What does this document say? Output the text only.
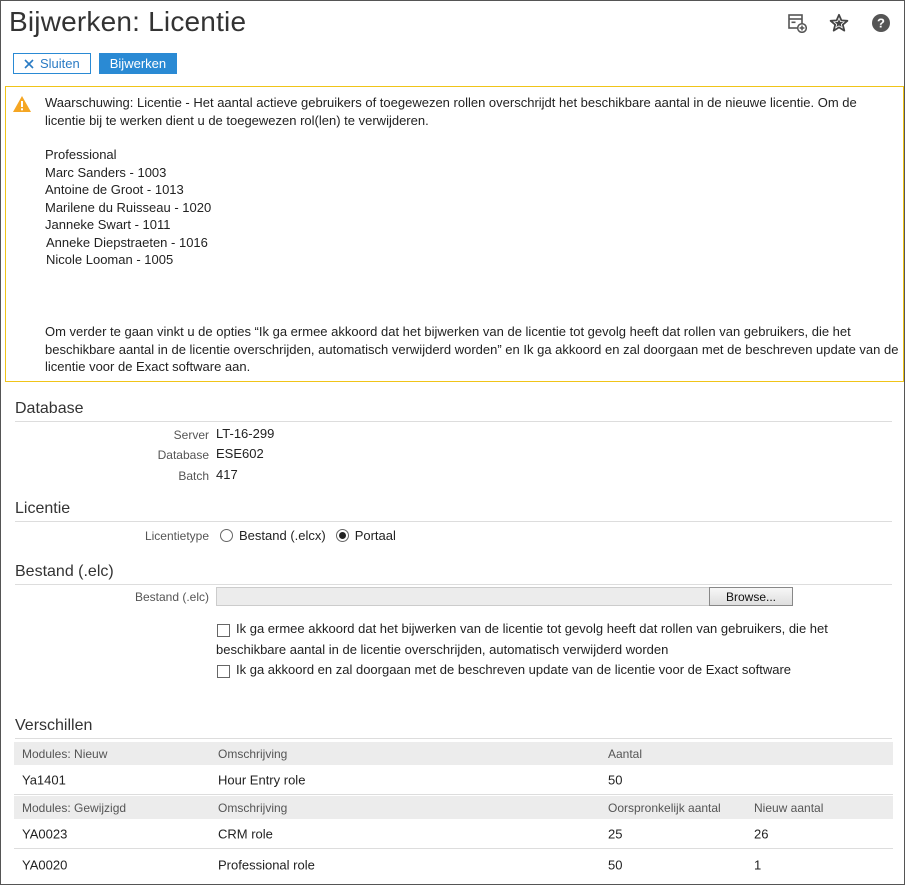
Bijwerken: Licentie	?
Sluiten Bijwerken

Waarschuwing: Licentie - Het aantal actieve gebruikers of toegewezen rollen overschrijdt het beschikbare aantal in de nieuwe licentie. Om de licentie bij te werken dient u de toegewezen rol(len) te verwijderen.

Professional
Marc Sanders - 1003
Antoine de Groot - 1013
Marilene du Ruisseau - 1020
Janneke Swart - 1011
Anneke Diepstraeten - 1016
Nicole Looman - 1005

Om verder te gaan vinkt u de opties “Ik ga ermee akkoord dat het bijwerken van de licentie tot gevolg heeft dat rollen van gebruikers, die het beschikbare aantal in de licentie overschrijden, automatisch verwijderd worden” en Ik ga akkoord en zal doorgaan met de beschreven update van de licentie voor de Exact software aan.

Database
Server LT-16-299
Database ESE602
Batch 417
Licentie
Licentietype Bestand (.elcx) Portaal
Bestand (.elc)
Bestand (.elc)	Browse...
Ik ga ermee akkoord dat het bijwerken van de licentie tot gevolg heeft dat rollen van gebruikers, die het
beschikbare aantal in de licentie overschrijden, automatisch verwijderd worden
Ik ga akkoord en zal doorgaan met de beschreven update van de licentie voor de Exact software
Verschillen
Modules: Nieuw	Omschrijving	Aantal
Ya1401	Hour Entry role	50
Modules: Gewijzigd	Omschrijving	Oorspronkelijk aantal	Nieuw aantal
YA0023	CRM role	25	26
YA0020	Professional role	50	1
